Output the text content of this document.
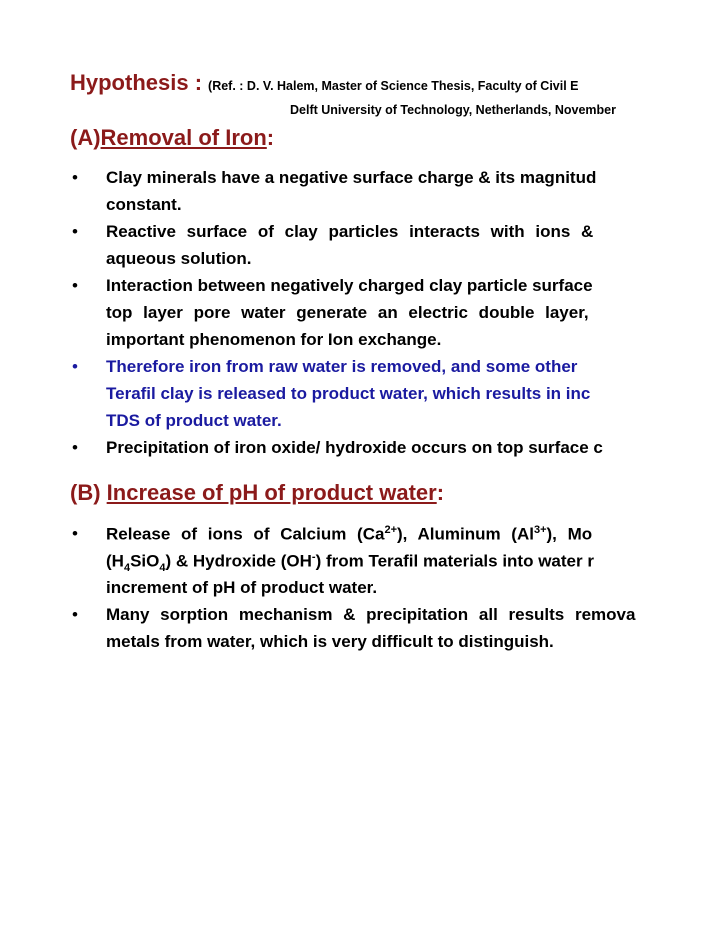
Hypothesis : (Ref. : D. V. Halem, Master of Science Thesis, Faculty of Civil E
Delft University of Technology, Netherlands, November
(A)Removal of Iron:
• Clay minerals have a negative surface charge & its magnitud
constant.
• Reactive surface of clay particles interacts with ions &
aqueous solution.
• Interaction between negatively charged clay particle surface
top layer pore water generate an electric double layer,
important phenomenon for Ion exchange.
• Therefore iron from raw water is removed, and some other
Terafil clay is released to product water, which results in inc
TDS of product water.
• Precipitation of iron oxide/ hydroxide occurs on top surface c
(B) Increase of pH of product water:
• Release of ions of Calcium $(Ca^{2+})$, Aluminum $(Al^{3+})$, Mo
$(H_4SiO_4)$ & Hydroxide (OH-) from Terafil materials into water r
increment of pH of product water.
• Many sorption mechanism & precipitation all results remova
metals from water, which is very difficult to distinguish.
